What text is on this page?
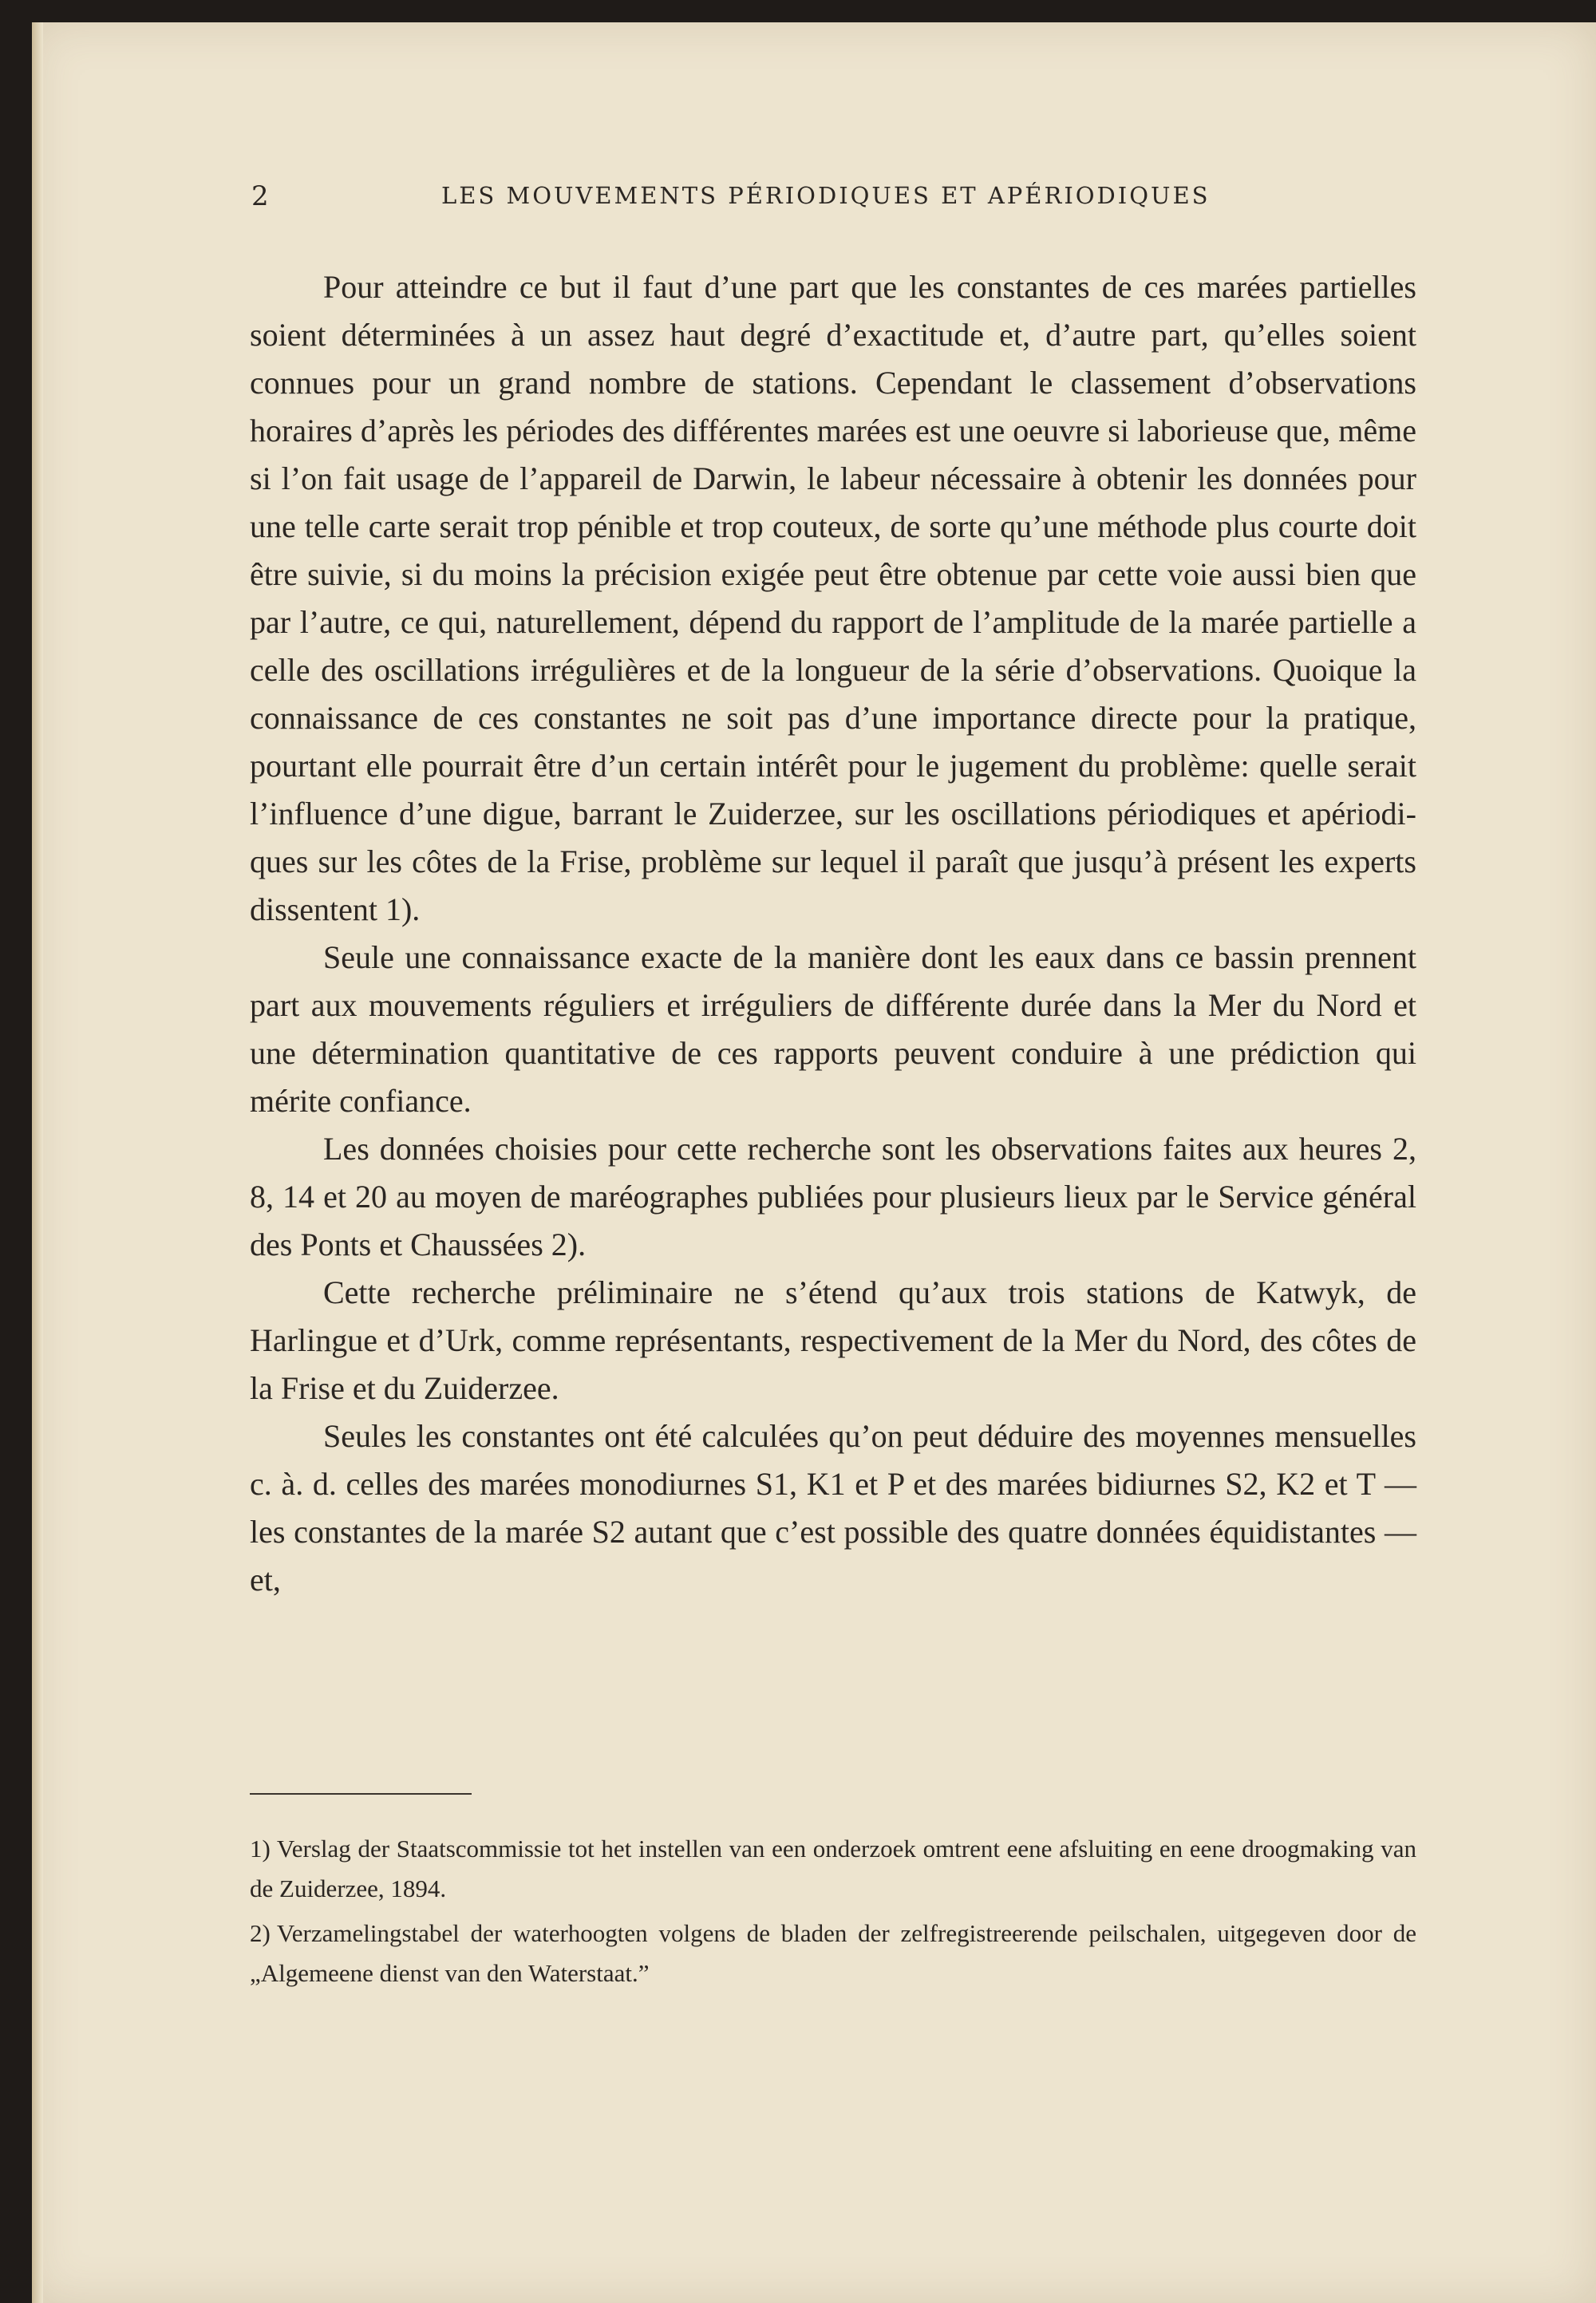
2	LES MOUVEMENTS PÉRIODIQUES ET APÉRIODIQUES

Pour atteindre ce but il faut d’une part que les constantes de ces marées partielles soient déterminées à un assez haut degré d’exactitude et, d’autre part, qu’elles soient connues pour un grand nombre de stations. Cependant le classement d’observations horaires d’après les périodes des différentes marées est une oeuvre si laborieuse que, même si l’on fait usage de l’appareil de Darwin, le labeur nécessaire à obtenir les données pour une telle carte serait trop pénible et trop couteux, de sorte qu’une méthode plus courte doit être suivie, si du moins la précision exigée peut être obtenue par cette voie aussi bien que par l’autre, ce qui, naturellement, dépend du rapport de l’amplitude de la marée partielle a celle des oscillations irrégulières et de la longueur de la série d’observations. Quoique la connaissance de ces constantes ne soit pas d’une importance directe pour la pratique, pourtant elle pourrait être d’un certain intérêt pour le jugement du problème: quelle serait l’influence d’une digue, barrant le Zuiderzee, sur les oscillations périodiques et apériodiques sur les côtes de la Frise, problème sur lequel il paraît que jusqu’à présent les experts dissentent 1).

Seule une connaissance exacte de la manière dont les eaux dans ce bassin prennent part aux mouvements réguliers et irréguliers de différente durée dans la Mer du Nord et une détermination quantitative de ces rapports peuvent conduire à une prédiction qui mérite confiance.

Les données choisies pour cette recherche sont les observations faites aux heures 2, 8, 14 et 20 au moyen de maréographes publiées pour plusieurs lieux par le Service général des Ponts et Chaussées 2).

Cette recherche préliminaire ne s’étend qu’aux trois stations de Katwyk, de Harlingue et d’Urk, comme représentants, respectivement de la Mer du Nord, des côtes de la Frise et du Zuiderzee.

Seules les constantes ont été calculées qu’on peut déduire des moyennes mensuelles c. à. d. celles des marées monodiurnes S1, K1 et P et des marées bidiurnes S2, K2 et T — les constantes de la marée S2 autant que c’est possible des quatre données équidistantes — et,

1) Verslag der Staatscommissie tot het instellen van een onderzoek omtrent eene afsluiting en eene droogmaking van de Zuiderzee, 1894.

2) Verzamelingstabel der waterhoogten volgens de bladen der zelfregistreerende peilschalen, uitgegeven door de „Algemeene dienst van den Waterstaat.”
